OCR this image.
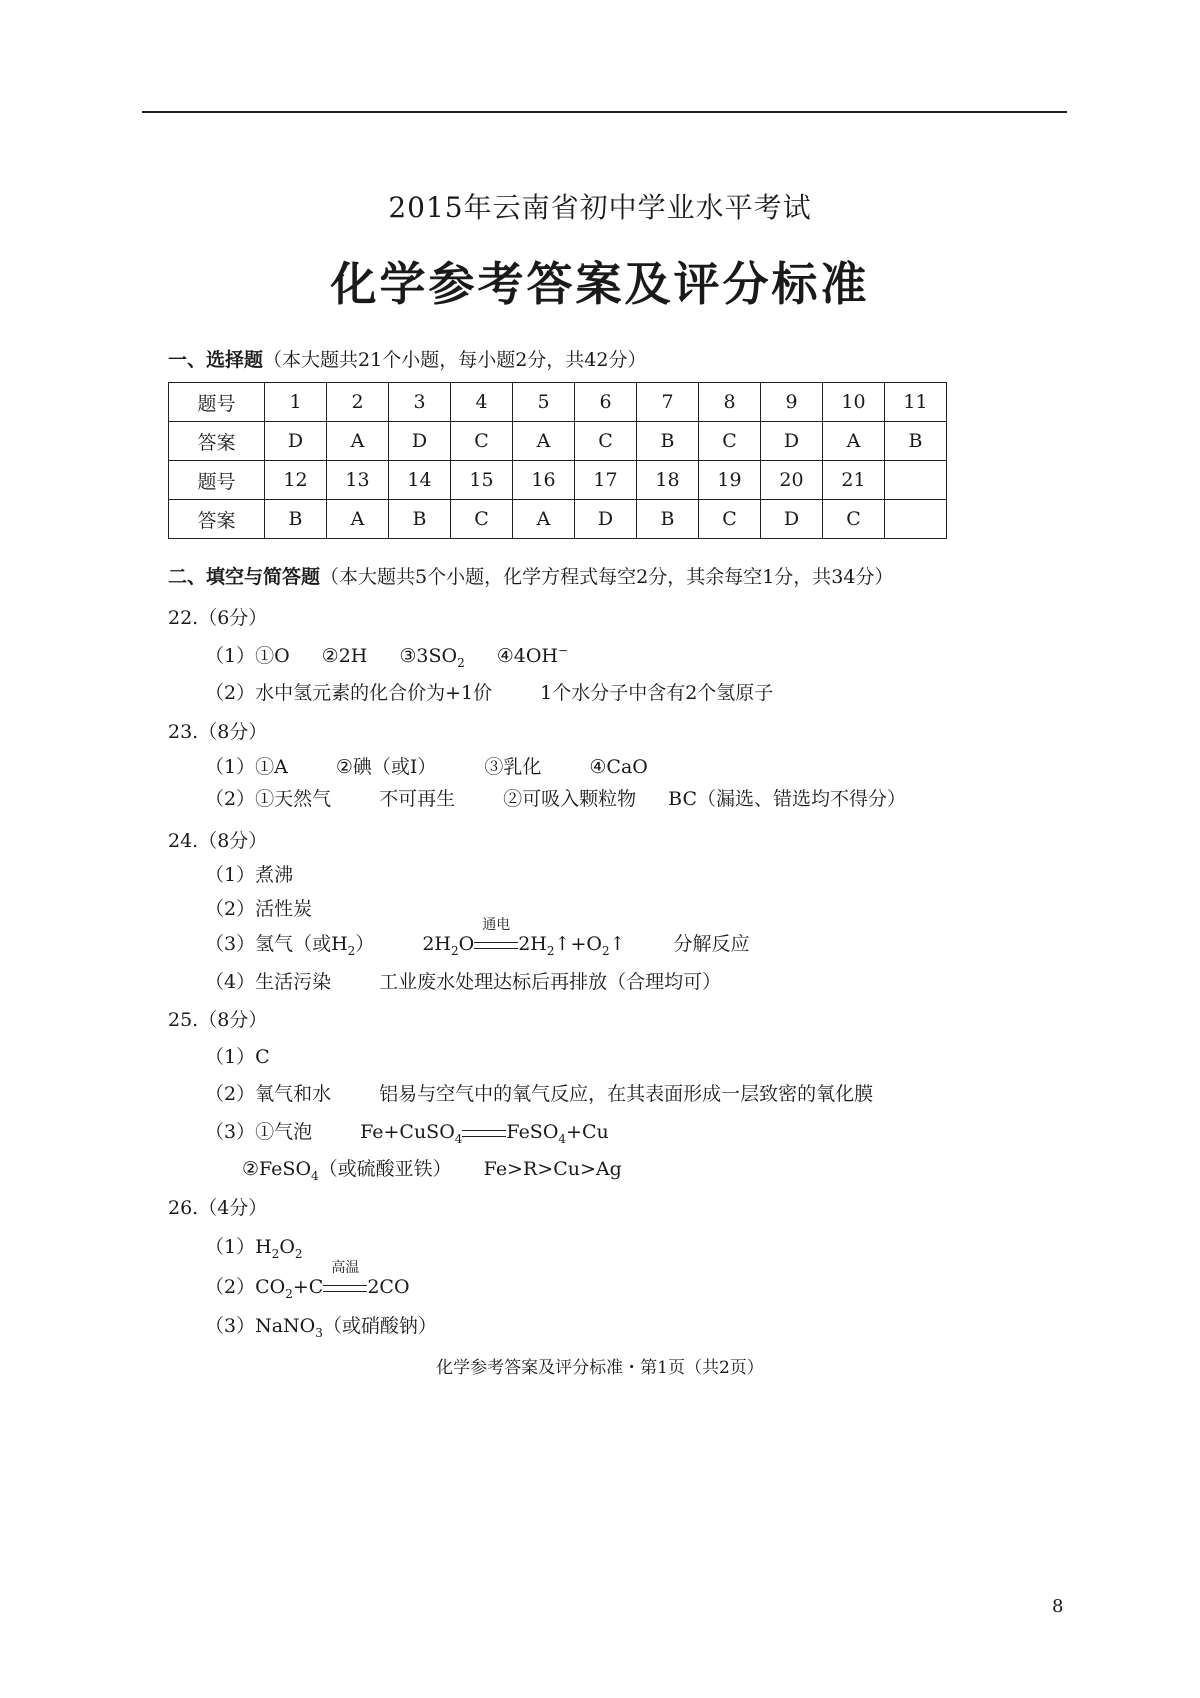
2015年云南省初中学业水平考试
化学参考答案及评分标准
一、选择题（本大题共21个小题，每小题2分，共42分）
题号	1	2	3	4	5	6	7	8	9	10	11
答案	D	A	D	C	A	C	B	C	D	A	B
题号	12	13	14	15	16	17	18	19	20	21	
答案	B	A	B	C	A	D	B	C	D	C	
二、填空与简答题（本大题共5个小题，化学方程式每空2分，其余每空1分，共34分）
22.（6分）
（1）①O ②2H $③3SO_2$ ④4OH−
（2）水中氢元素的化合价为+1价	1个水分子中含有2个氢原子
23.（8分）
（1）①A	②碘（或I）	③乳化	④CaO
（2）①天然气	不可再生	②可吸入颗粒物 BC（漏选、错选均不得分）
24.（8分）
（1）煮沸
（2）活性炭
（3）氢气（或$H_2$）	$2H_2O$
通电
$2H_2↑+O_2↑$	分解反应
（4）生活污染	工业废水处理达标后再排放（合理均可）
25.（8分）
（1）C
（2）氧气和水	铝易与空气中的氧气反应，在其表面形成一层致密的氧化膜
（3）①气泡	Fe+CuSO$_4$ FeSO$_4$+Cu
②FeSO$_4$（或硫酸亚铁） Fe>R>Cu>Ag
26.（4分）
$(1)H_2O_2$
$(2)CO_2+C$
高温
2CO
（3）NaNO$_3$（或硝酸钠）
化学参考答案及评分标准・第1页（共2页）
8
